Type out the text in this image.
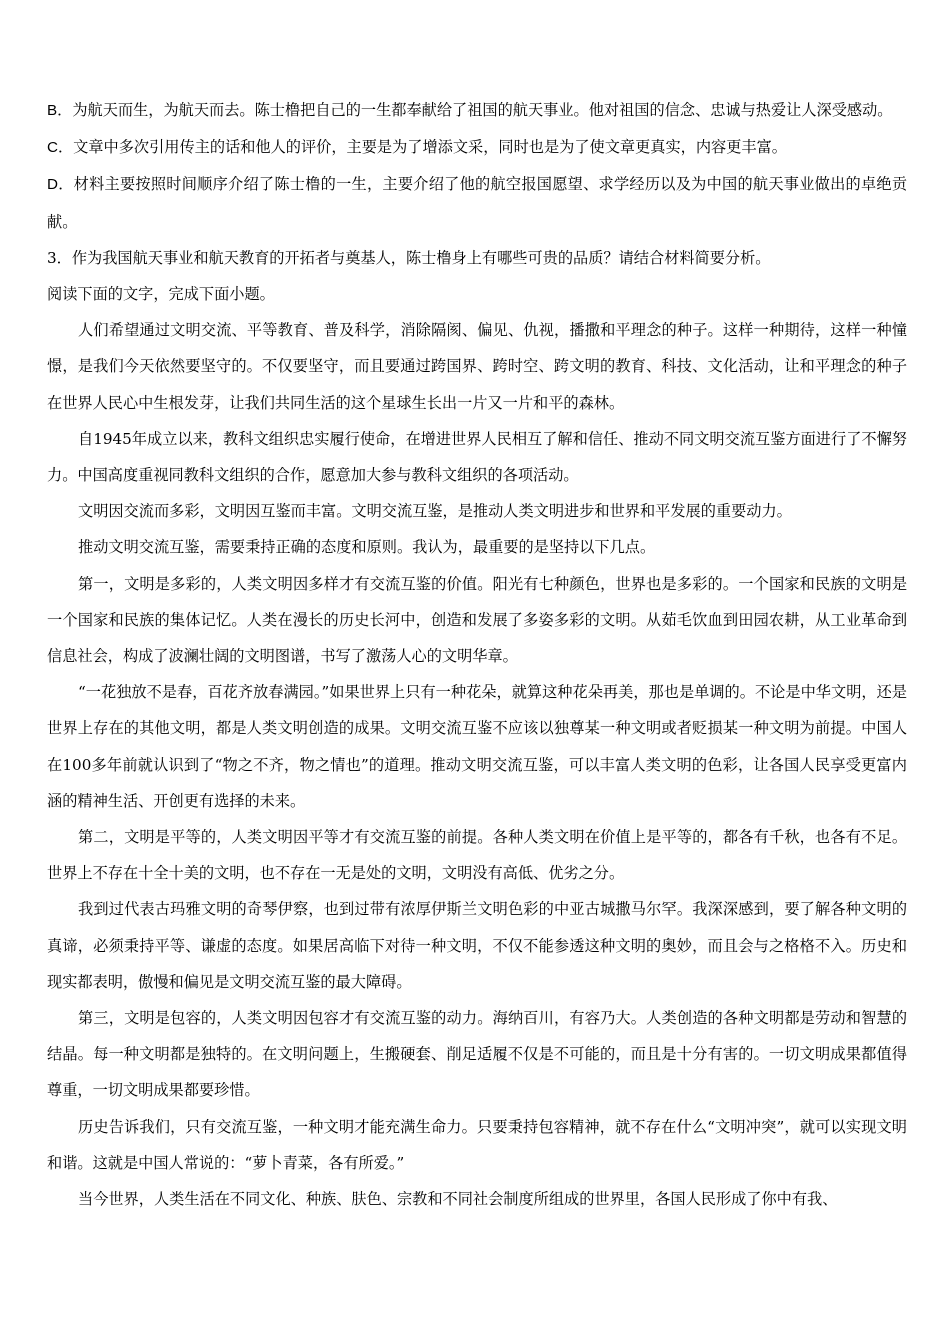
B．为航天而生，为航天而去。陈士橹把自己的一生都奉献给了祖国的航天事业。他对祖国的信念、忠诚与热爱让人深受感动。

C．文章中多次引用传主的话和他人的评价，主要是为了增添文采，同时也是为了使文章更真实，内容更丰富。

D．材料主要按照时间顺序介绍了陈士橹的一生，主要介绍了他的航空报国愿望、求学经历以及为中国的航天事业做出的卓绝贡献。

3．作为我国航天事业和航天教育的开拓者与奠基人，陈士橹身上有哪些可贵的品质？请结合材料简要分析。

阅读下面的文字，完成下面小题。

人们希望通过文明交流、平等教育、普及科学，消除隔阂、偏见、仇视，播撒和平理念的种子。这样一种期待，这样一种憧憬，是我们今天依然要坚守的。不仅要坚守，而且要通过跨国界、跨时空、跨文明的教育、科技、文化活动，让和平理念的种子在世界人民心中生根发芽，让我们共同生活的这个星球生长出一片又一片和平的森林。

自1945年成立以来，教科文组织忠实履行使命，在增进世界人民相互了解和信任、推动不同文明交流互鉴方面进行了不懈努力。中国高度重视同教科文组织的合作，愿意加大参与教科文组织的各项活动。

文明因交流而多彩，文明因互鉴而丰富。文明交流互鉴，是推动人类文明进步和世界和平发展的重要动力。

推动文明交流互鉴，需要秉持正确的态度和原则。我认为，最重要的是坚持以下几点。

第一，文明是多彩的，人类文明因多样才有交流互鉴的价值。阳光有七种颜色，世界也是多彩的。一个国家和民族的文明是一个国家和民族的集体记忆。人类在漫长的历史长河中，创造和发展了多姿多彩的文明。从茹毛饮血到田园农耕，从工业革命到信息社会，构成了波澜壮阔的文明图谱，书写了激荡人心的文明华章。

“一花独放不是春，百花齐放春满园。”如果世界上只有一种花朵，就算这种花朵再美，那也是单调的。不论是中华文明，还是世界上存在的其他文明，都是人类文明创造的成果。文明交流互鉴不应该以独尊某一种文明或者贬损某一种文明为前提。中国人在100多年前就认识到了“物之不齐，物之情也”的道理。推动文明交流互鉴，可以丰富人类文明的色彩，让各国人民享受更富内涵的精神生活、开创更有选择的未来。

第二，文明是平等的，人类文明因平等才有交流互鉴的前提。各种人类文明在价值上是平等的，都各有千秋，也各有不足。世界上不存在十全十美的文明，也不存在一无是处的文明，文明没有高低、优劣之分。

我到过代表古玛雅文明的奇琴伊察，也到过带有浓厚伊斯兰文明色彩的中亚古城撒马尔罕。我深深感到，要了解各种文明的真谛，必须秉持平等、谦虚的态度。如果居高临下对待一种文明，不仅不能参透这种文明的奥妙，而且会与之格格不入。历史和现实都表明，傲慢和偏见是文明交流互鉴的最大障碍。

第三，文明是包容的，人类文明因包容才有交流互鉴的动力。海纳百川，有容乃大。人类创造的各种文明都是劳动和智慧的结晶。每一种文明都是独特的。在文明问题上，生搬硬套、削足适履不仅是不可能的，而且是十分有害的。一切文明成果都值得尊重，一切文明成果都要珍惜。

历史告诉我们，只有交流互鉴，一种文明才能充满生命力。只要秉持包容精神，就不存在什么“文明冲突”，就可以实现文明和谐。这就是中国人常说的：“萝卜青菜，各有所爱。”

当今世界，人类生活在不同文化、种族、肤色、宗教和不同社会制度所组成的世界里，各国人民形成了你中有我、
